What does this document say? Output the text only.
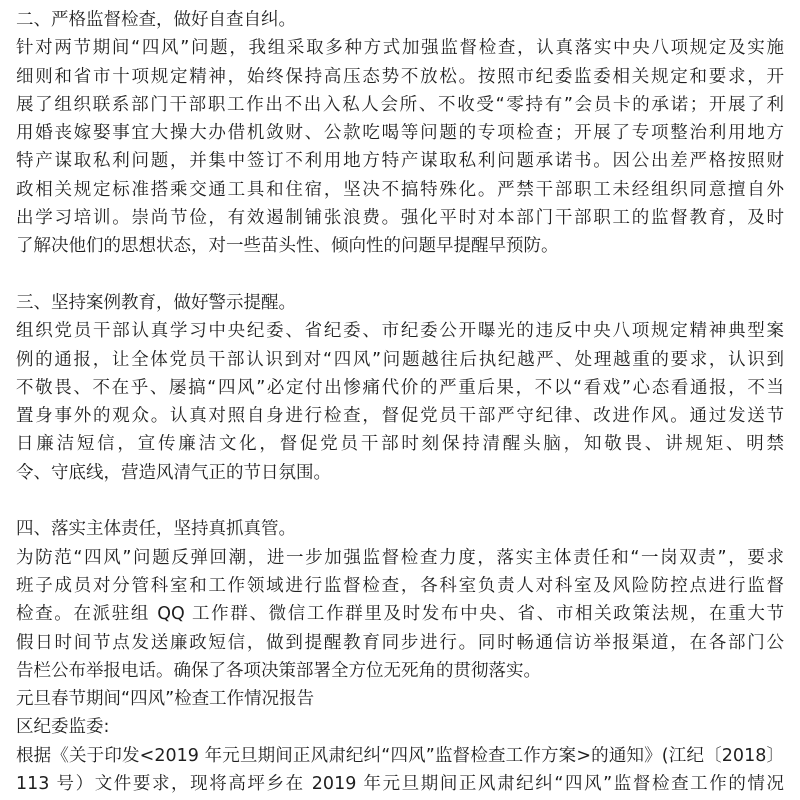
二、严格监督检查，做好自查自纠。
针对两节期间“四风”问题，我组采取多种方式加强监督检查，认真落实中央八项规定及实施
细则和省市十项规定精神，始终保持高压态势不放松。按照市纪委监委相关规定和要求，开
展了组织联系部门干部职工作出不出入私人会所、不收受“零持有”会员卡的承诺；开展了利
用婚丧嫁娶事宜大操大办借机敛财、公款吃喝等问题的专项检查；开展了专项整治利用地方
特产谋取私利问题，并集中签订不利用地方特产谋取私利问题承诺书。因公出差严格按照财
政相关规定标准搭乘交通工具和住宿，坚决不搞特殊化。严禁干部职工未经组织同意擅自外
出学习培训。崇尚节俭，有效遏制铺张浪费。强化平时对本部门干部职工的监督教育，及时
了解决他们的思想状态，对一些苗头性、倾向性的问题早提醒早预防。
三、坚持案例教育，做好警示提醒。
组织党员干部认真学习中央纪委、省纪委、市纪委公开曝光的违反中央八项规定精神典型案
例的通报，让全体党员干部认识到对“四风”问题越往后执纪越严、处理越重的要求，认识到
不敬畏、不在乎、屡搞“四风”必定付出惨痛代价的严重后果，不以“看戏”心态看通报，不当
置身事外的观众。认真对照自身进行检查，督促党员干部严守纪律、改进作风。通过发送节
日廉洁短信，宣传廉洁文化，督促党员干部时刻保持清醒头脑，知敬畏、讲规矩、明禁
令、守底线，营造风清气正的节日氛围。
四、落实主体责任，坚持真抓真管。
为防范“四风”问题反弹回潮，进一步加强监督检查力度，落实主体责任和“一岗双责”，要求
班子成员对分管科室和工作领域进行监督检查，各科室负责人对科室及风险防控点进行监督
检查。在派驻组 QQ 工作群、微信工作群里及时发布中央、省、市相关政策法规，在重大节
假日时间节点发送廉政短信，做到提醒教育同步进行。同时畅通信访举报渠道，在各部门公
告栏公布举报电话。确保了各项决策部署全方位无死角的贯彻落实。
元旦春节期间“四风”检查工作情况报告
区纪委监委:
根据《关于印发<2019 年元旦期间正风肃纪纠“四风”监督检查工作方案>的通知》(江纪〔2018〕
113 号）文件要求，现将高坪乡在 2019 年元旦期间正风肃纪纠“四风”监督检查工作的情况
